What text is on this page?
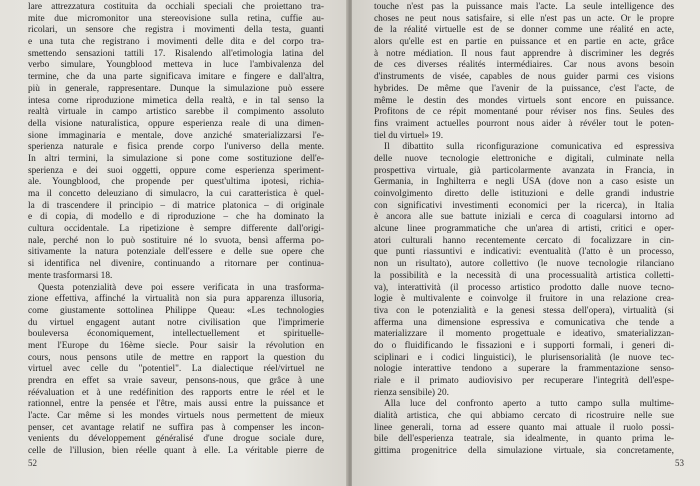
lare attrezzatura costituita da occhiali speciali che proiettano tra-
mite due micromonitor una stereovisione sulla retina, cuffie au-
ricolari, un sensore che registra i movimenti della testa, guanti
e una tuta che registrano i movimenti delle dita e del corpo tra-
smettendo sensazioni tattili 17. Risalendo all'etimologia latina del
verbo simulare, Youngblood metteva in luce l'ambivalenza del
termine, che da una parte significava imitare e fingere e dall'altra,
più in generale, rappresentare. Dunque la simulazione può essere
intesa come riproduzione mimetica della realtà, e in tal senso la
realtà virtuale in campo artistico sarebbe il compimento assoluto
della visione naturalistica, oppure esperienza reale di una dimen-
sione immaginaria e mentale, dove anziché smaterializzarsi l'e-
sperienza naturale e fisica prende corpo l'universo della mente.
In altri termini, la simulazione si pone come sostituzione dell'e-
sperienza e dei suoi oggetti, oppure come esperienza speriment-
ale. Youngblood, che propende per quest'ultima ipotesi, richia-
ma il concetto deleuziano di simulacro, la cui caratteristica è quel-
la di trascendere il principio – di matrice platonica – di originale
e di copia, di modello e di riproduzione – che ha dominato la
cultura occidentale. La ripetizione è sempre differente dall'origi-
nale, perché non lo può sostituire né lo svuota, bensì afferma po-
sitivamente la natura potenziale dell'essere e delle sue opere che
si identifica nel divenire, continuando a ritornare per continua-
mente trasformarsi 18.
Questa potenzialità deve poi essere verificata in una trasforma-
zione effettiva, affinché la virtualità non sia pura apparenza illusoria,
come giustamente sottolinea Philippe Queau: «Les technologies
du virtuel engagent autant notre civilisation que l'imprimerie
bouleversa économiquement, intellectuellement et spirituelle-
ment l'Europe du 16ème siecle. Pour saisir la révolution en
cours, nous pensons utile de mettre en rapport la question du
virtuel avec celle du "potentiel". La dialectique réel/virtuel ne
prendra en effet sa vraie saveur, pensons-nous, que grâce à une
réévaluation et à une redéfinition des rapports entre le réel et le
rationnel, entre la pensée et l'être, mais aussi entre la puissance et
l'acte. Car même si les mondes virtuels nous permettent de mieux
penser, cet avantage relatif ne suffira pas à compenser les incon-
venients du développement généralisé d'une drogue sociale dure,
celle de l'illusion, bien réelle quant à elle. La véritable pierre de
52
touche n'est pas la puissance mais l'acte. La seule intelligence des
choses ne peut nous satisfaire, si elle n'est pas un acte. Or le propre
de la réalité virtuelle est de se donner comme une réalité en acte,
alors qu'elle est en partie en puissance et en partie en acte, grâce
à notre médiation. Il nous faut apprendre à discriminer les degrés
de ces diverses réalités intermédiaires. Car nous avons besoin
d'instruments de visée, capables de nous guider parmi ces visions
hybrides. De même que l'avenir de la puissance, c'est l'acte, de
même le destin des mondes virtuels sont encore en puissance.
Profitons de ce répit momentané pour réviser nos fins. Seules des
fins vraiment actuelles pourront nous aider à révéler tout le poten-
tiel du virtuel» 19.
Il dibattito sulla riconfigurazione comunicativa ed espressiva
delle nuove tecnologie elettroniche e digitali, culminate nella
prospettiva virtuale, già particolarmente avanzata in Francia, in
Germania, in Inghilterra e negli USA (dove non a caso esiste un
coinvolgimento diretto delle istituzioni e delle grandi industrie
con significativi investimenti economici per la ricerca), in Italia
è ancora alle sue battute iniziali e cerca di coagularsi intorno ad
alcune linee programmatiche che un'area di artisti, critici e oper-
atori culturali hanno recentemente cercato di focalizzare in cin-
que punti riassuntivi e indicativi: eventualità (l'atto è un processo,
non un risultato), autore collettivo (le nuove tecnologie rilanciano
la possibilità e la necessità di una processualità artistica colletti-
va), interattività (il processo artistico prodotto dalle nuove tecno-
logie è multivalente e coinvolge il fruitore in una relazione crea-
tiva con le potenzialità e la genesi stessa dell'opera), virtualità (si
afferma una dimensione espressiva e comunicativa che tende a
materializzare il momento progettuale e ideativo, smaterializzan-
do o fluidificando le fissazioni e i supporti formali, i generi di-
sciplinari e i codici linguistici), le plurisensorialità (le nuove tec-
nologie interattive tendono a superare la frammentazione senso-
riale e il primato audiovisivo per recuperare l'integrità dell'espe-
rienza sensibile) 20.
Alla luce del confronto aperto a tutto campo sulla multime-
dialità artistica, che qui abbiamo cercato di ricostruire nelle sue
linee generali, torna ad essere quanto mai attuale il ruolo possi-
bile dell'esperienza teatrale, sia idealmente, in quanto prima le-
gittima progenitrice della simulazione virtuale, sia concretamente,
53
